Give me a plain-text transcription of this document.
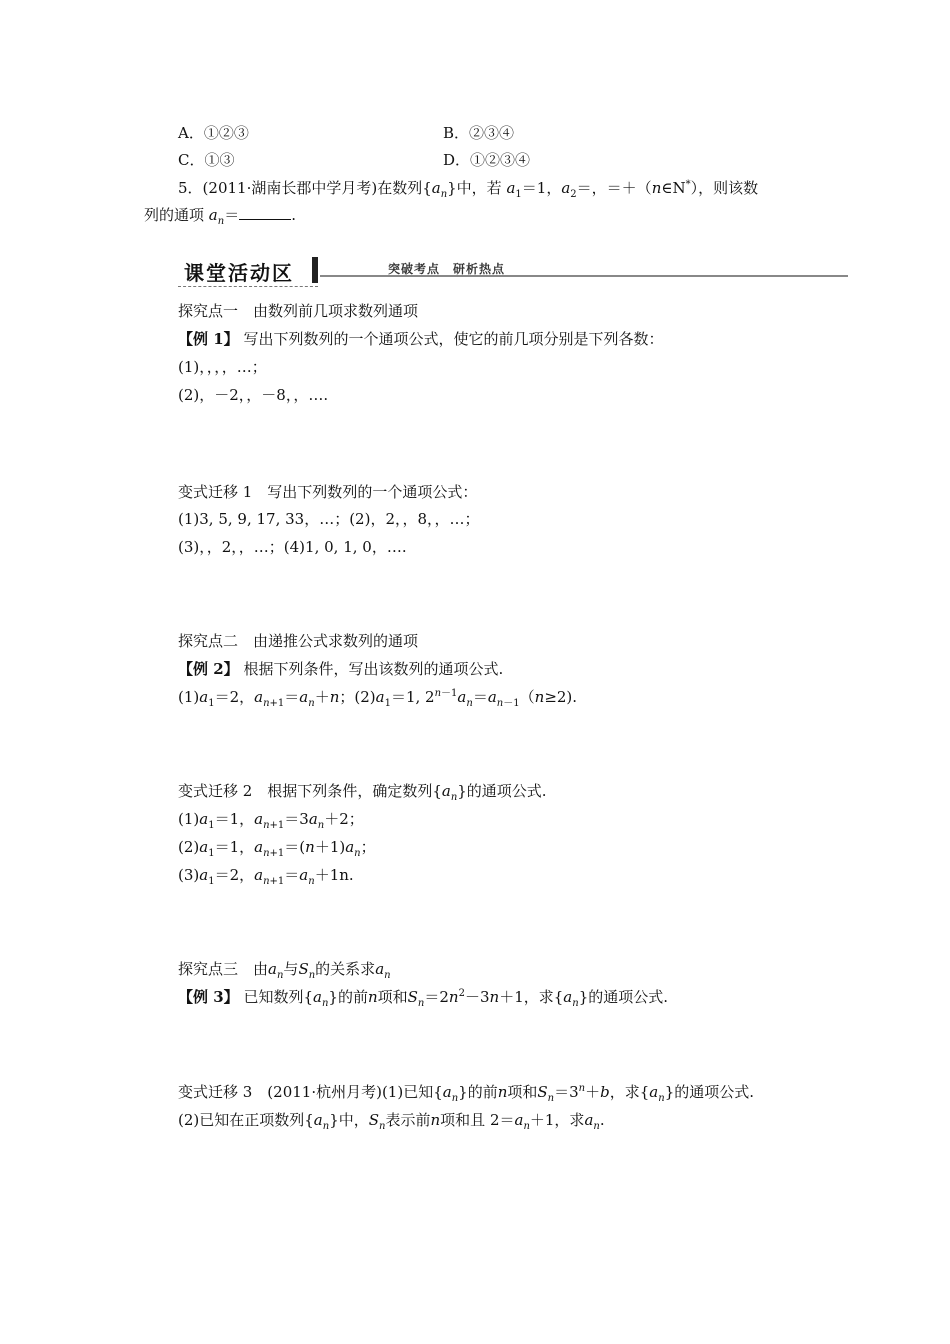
A．①②③	B．②③④
C．①③	D．①②③④
5．(2011·湖南长郡中学月考)在数列$\{a_n\}$中，若 $a_1=1$，$a_2=$，＝＋（n∈N*），则该数
列的通项 $a_n=$	.
课堂活动区	突破考点　研析热点
探究点一　由数列前几项求数列通项
【例 1】 写出下列数列的一个通项公式，使它的前几项分别是下列各数：
(1)，，，，…；
(2)，－2，，－8，，….
变式迁移 1　写出下列数列的一个通项公式：
(1)3, 5, 9, 17, 33，…；(2)，2，，8，，…；
(3)，，2，，…；(4)1, 0, 1, 0，….
探究点二　由递推公式求数列的通项
【例 2】 根据下列条件，写出该数列的通项公式.
$(1)a_1=2$，$a_{n+1}=a_n+n$；$(2)a_1=1$, $2^{n-1}a_n=a_{n-1}(n\ge 2)$.
变式迁移 2　根据下列条件，确定数列$\{a_n\}$的通项公式.
$(1)a_1=1$，$a_{n+1}=3a_n+2$；
$(2)a_1=1$，$a_{n+1}=(n+1)a_n$；
$(3)a_1=2$，$a_{n+1}=a_n+1n$.
探究点三　由$a_n$与$S_n$的关系求$a_n$
【例 3】 已知数列$\{a_n\}$的前n项和$S_n=2n^2-3n+1$，求$\{a_n\}$的通项公式.
变式迁移 3　(2011·杭州月考)(1)已知$\{a_n\}$的前n项和$S_n=3^n+b$，求$\{a_n\}$的通项公式.
(2)已知在正项数列$\{a_n\}$中，$S_n$表示前n项和且 $2=a_n+1$，求$a_n$.
